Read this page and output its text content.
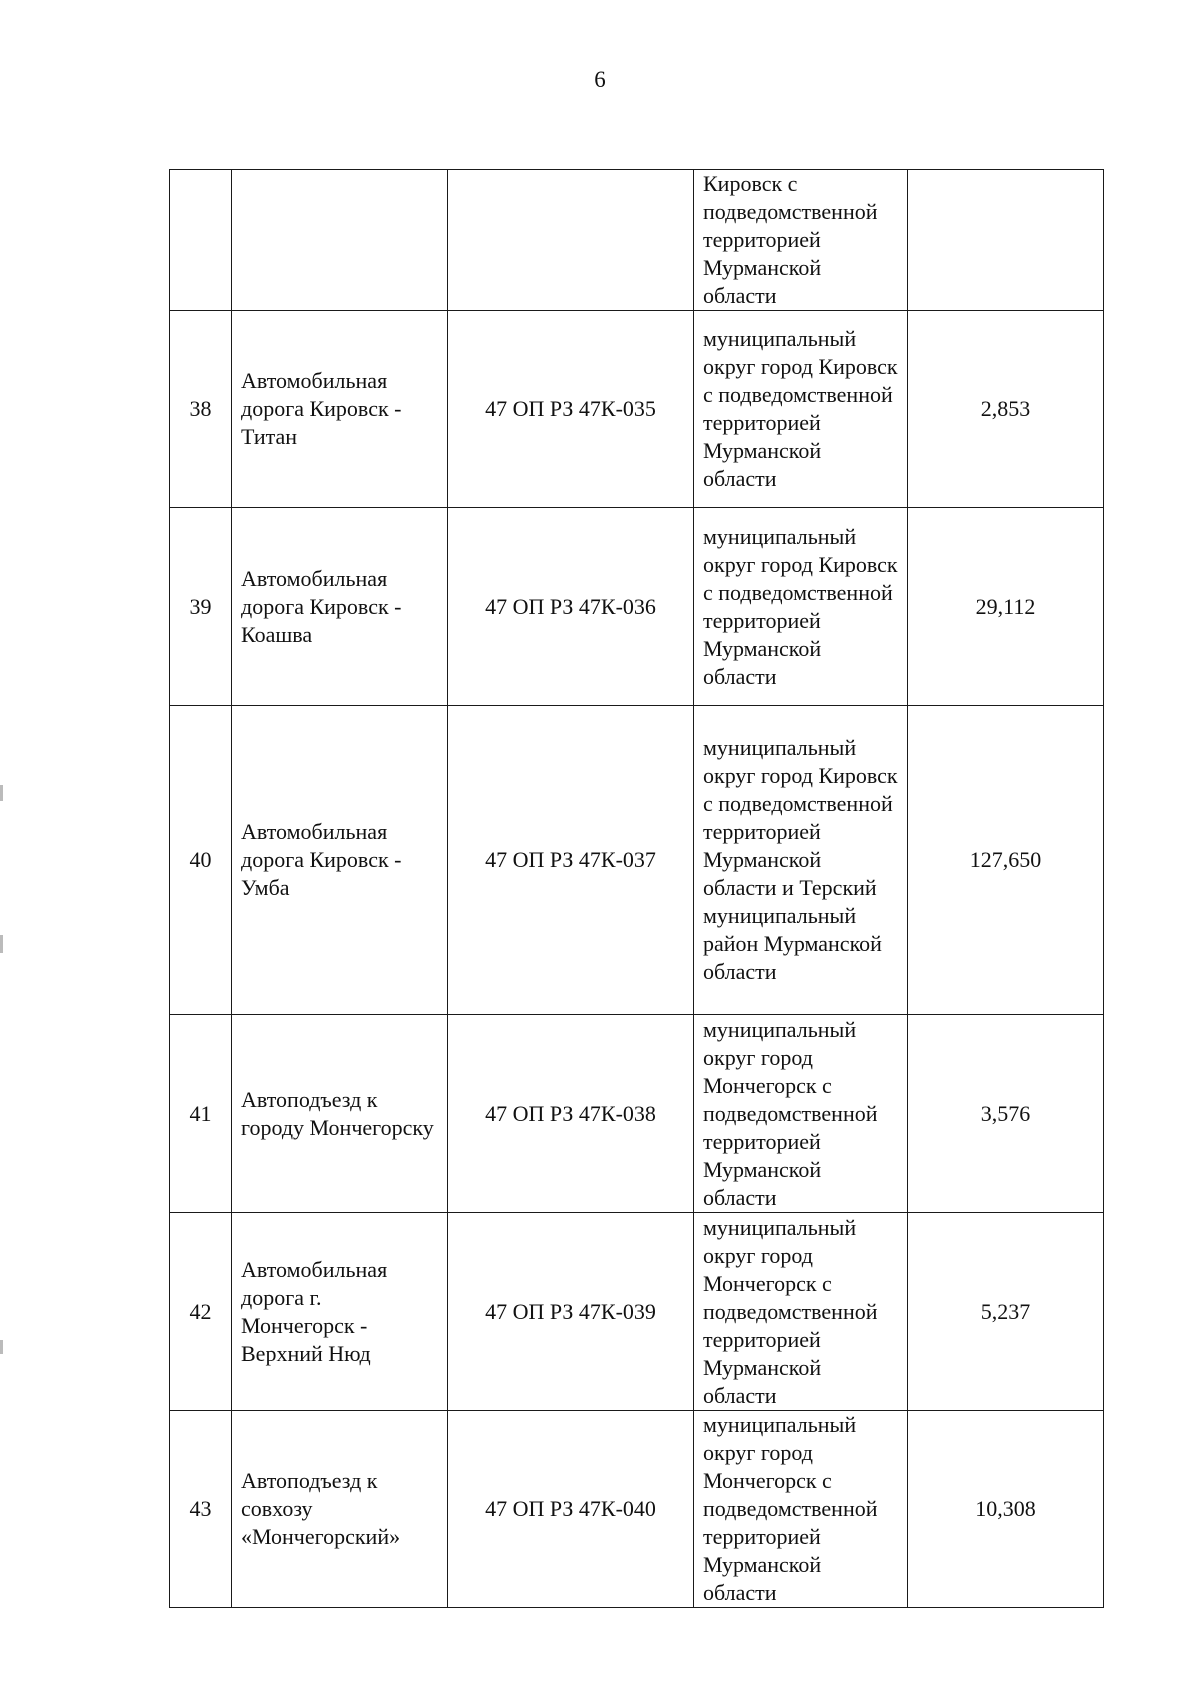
6
			Кировск с подведомственной территорией Мурманской области	
38	Автомобильная дорога Кировск - Титан	47 ОП РЗ 47К-035	муниципальный округ город Кировск с подведомственной территорией Мурманской области	2,853
39	Автомобильная дорога Кировск - Коашва	47 ОП РЗ 47К-036	муниципальный округ город Кировск с подведомственной территорией Мурманской области	29,112
40	Автомобильная дорога Кировск - Умба	47 ОП РЗ 47К-037	муниципальный округ город Кировск с подведомственной территорией Мурманской области и Терский муниципальный район Мурманской области	127,650
41	Автоподъезд к городу Мончегорску	47 ОП РЗ 47К-038	муниципальный округ город Мончегорск с подведомственной территорией Мурманской области	3,576
42	Автомобильная дорога г. Мончегорск - Верхний Нюд	47 ОП РЗ 47К-039	муниципальный округ город Мончегорск с подведомственной территорией Мурманской области	5,237
43	Автоподъезд к совхозу «Мончегорский»	47 ОП РЗ 47К-040	муниципальный округ город Мончегорск с подведомственной территорией Мурманской области	10,308
